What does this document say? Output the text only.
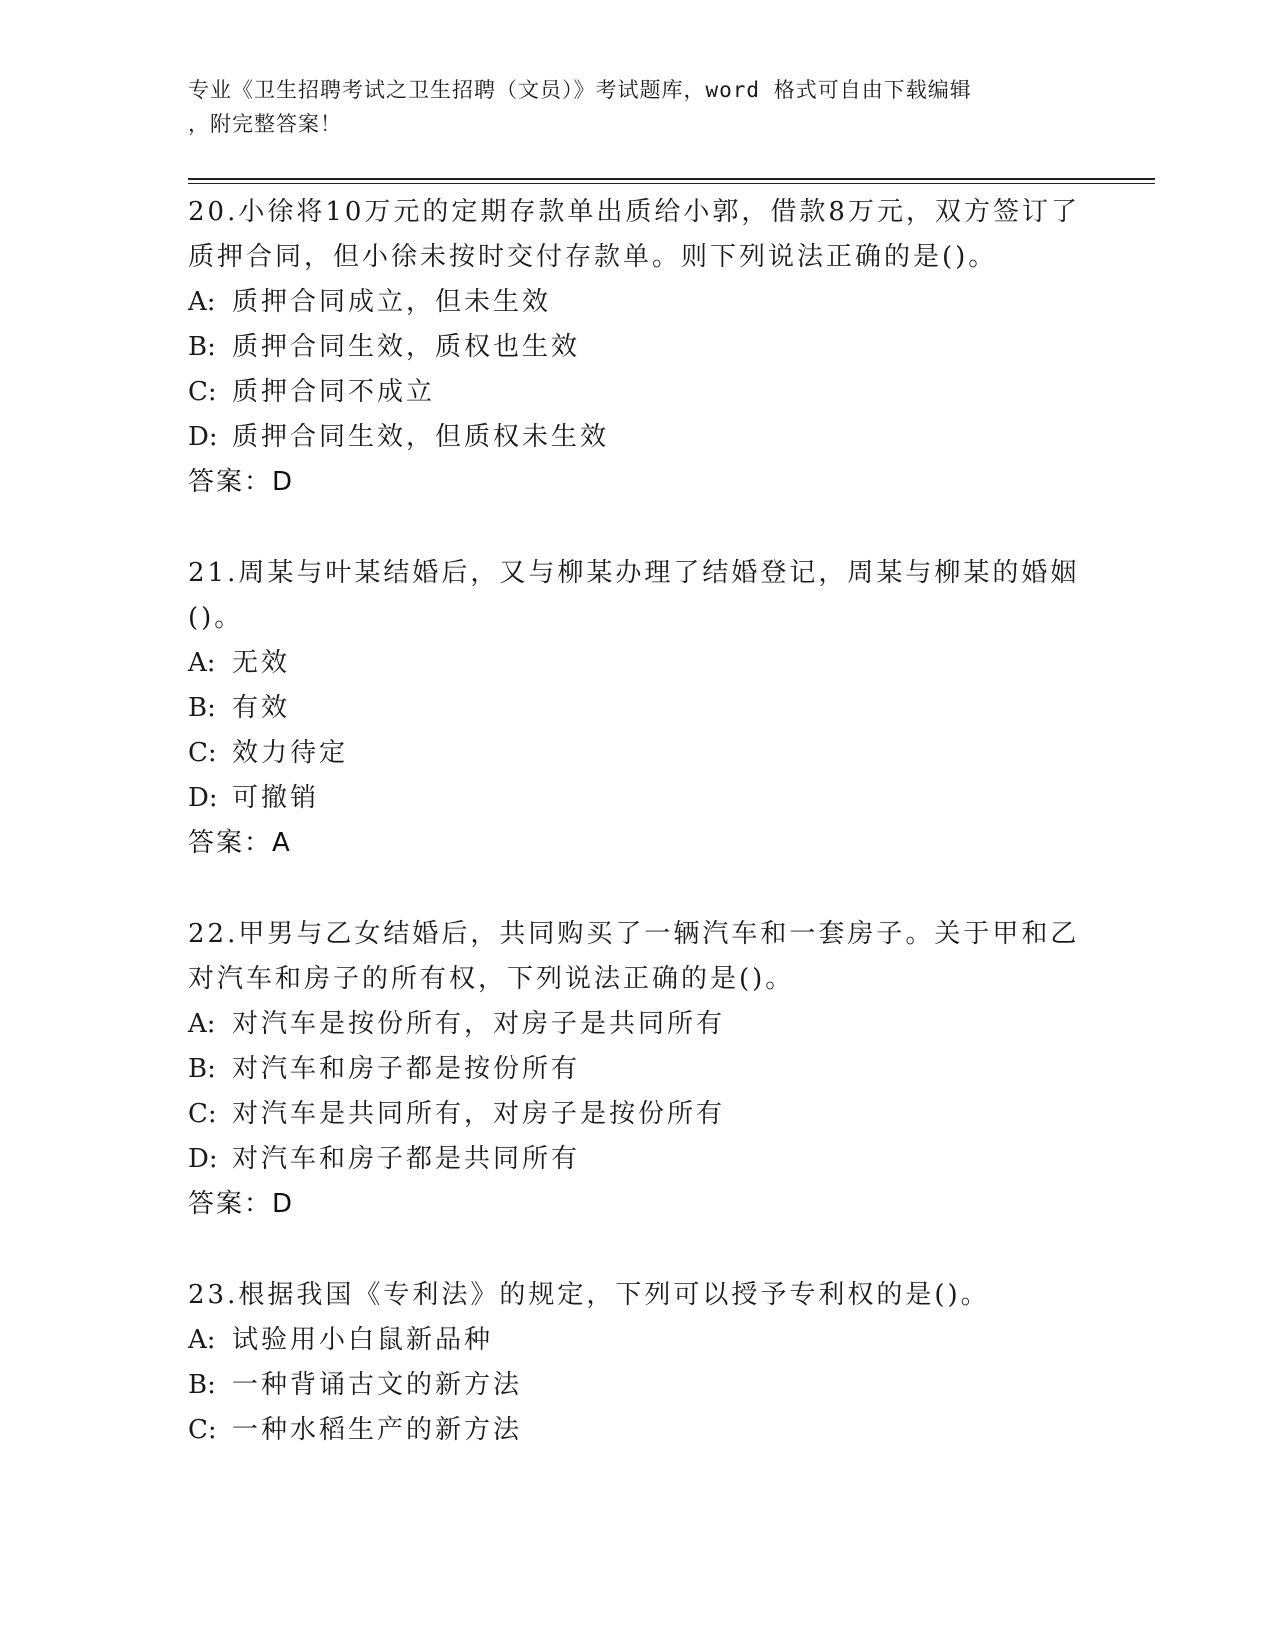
专业《卫生招聘考试之卫生招聘（文员）》考试题库，word 格式可自由下载编辑
，附完整答案！
20.小徐将10万元的定期存款单出质给小郭，借款8万元，双方签订了质押合同，但小徐未按时交付存款单。则下列说法正确的是()。
A: 质押合同成立，但未生效
B: 质押合同生效，质权也生效
C: 质押合同不成立
D: 质押合同生效，但质权未生效
答案：D
21.周某与叶某结婚后，又与柳某办理了结婚登记，周某与柳某的婚姻()。
A: 无效
B: 有效
C: 效力待定
D: 可撤销
答案：A
22.甲男与乙女结婚后，共同购买了一辆汽车和一套房子。关于甲和乙对汽车和房子的所有权，下列说法正确的是()。
A: 对汽车是按份所有，对房子是共同所有
B: 对汽车和房子都是按份所有
C: 对汽车是共同所有，对房子是按份所有
D: 对汽车和房子都是共同所有
答案：D
23.根据我国《专利法》的规定，下列可以授予专利权的是()。
A: 试验用小白鼠新品种
B: 一种背诵古文的新方法
C: 一种水稻生产的新方法
